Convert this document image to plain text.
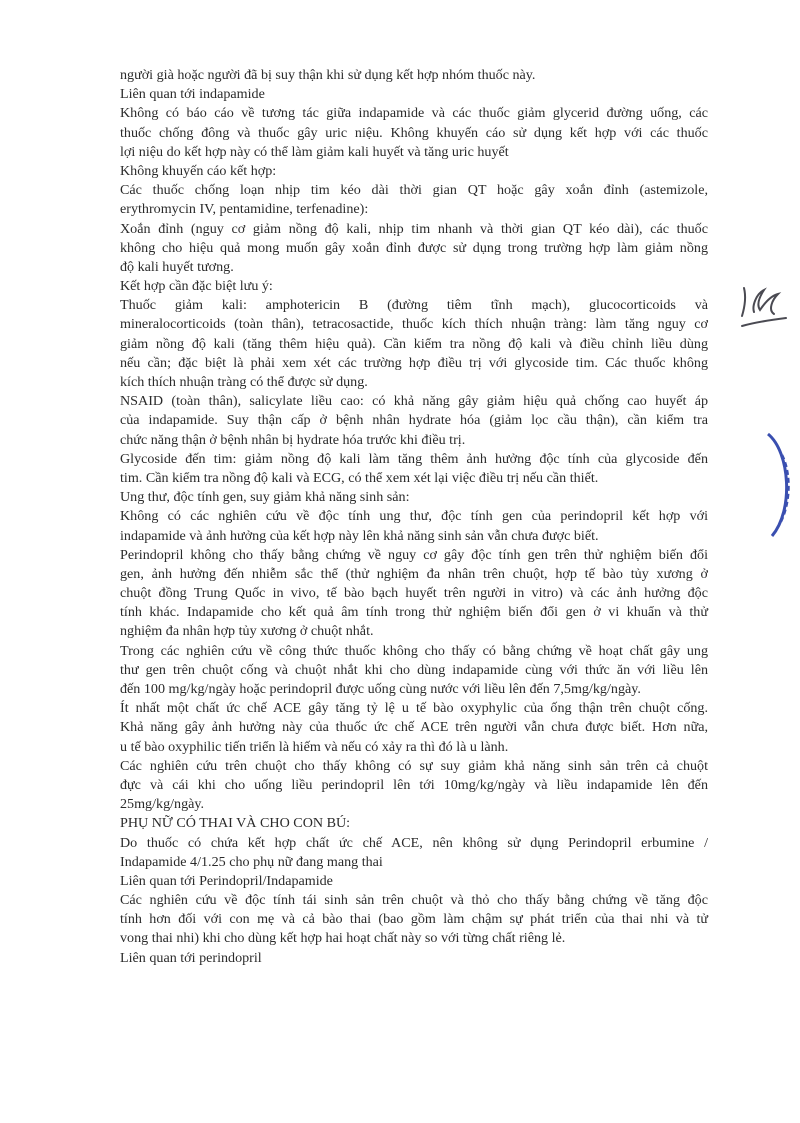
người già hoặc người đã bị suy thận khi sử dụng kết hợp nhóm thuốc này.
Liên quan tới indapamide
Không có báo cáo về tương tác giữa indapamide và các thuốc giảm glycerid đường uống, các
thuốc chống đông và thuốc gây uric niệu. Không khuyến cáo sử dụng kết hợp với các thuốc
lợi niệu do kết hợp này có thể làm giảm kali huyết và tăng uric huyết
Không khuyến cáo kết hợp:
Các thuốc chống loạn nhịp tim kéo dài thời gian QT hoặc gây xoắn đỉnh (astemizole,
erythromycin IV, pentamidine, terfenadine):
Xoắn đỉnh (nguy cơ giảm nồng độ kali, nhịp tim nhanh và thời gian QT kéo dài), các thuốc
không cho hiệu quả mong muốn gây xoắn đỉnh được sử dụng trong trường hợp làm giảm nồng
độ kali huyết tương.
Kết hợp cần đặc biệt lưu ý:
Thuốc giảm kali: amphotericin B (đường tiêm tĩnh mạch), glucocorticoids và
mineralocorticoids (toàn thân), tetracosactide, thuốc kích thích nhuận tràng: làm tăng nguy cơ
giảm nồng độ kali (tăng thêm hiệu quả). Cần kiểm tra nồng độ kali và điều chỉnh liều dùng
nếu cần; đặc biệt là phải xem xét các trường hợp điều trị với glycoside tim. Các thuốc không
kích thích nhuận tràng có thể được sử dụng.
NSAID (toàn thân), salicylate liều cao: có khả năng gây giảm hiệu quả chống cao huyết áp
của indapamide. Suy thận cấp ở bệnh nhân hydrate hóa (giảm lọc cầu thận), cần kiểm tra
chức năng thận ở bệnh nhân bị hydrate hóa trước khi điều trị.
Glycoside đến tim: giảm nồng độ kali làm tăng thêm ảnh hưởng độc tính của glycoside đến
tim. Cần kiểm tra nồng độ kali và ECG, có thể xem xét lại việc điều trị nếu cần thiết.
Ung thư, độc tính gen, suy giảm khả năng sinh sản:
Không có các nghiên cứu về độc tính ung thư, độc tính gen của perindopril kết hợp với
indapamide và ảnh hưởng của kết hợp này lên khả năng sinh sản vẫn chưa được biết.
Perindopril không cho thấy bằng chứng về nguy cơ gây độc tính gen trên thử nghiệm biến đổi
gen, ảnh hưởng đến nhiễm sắc thể (thử nghiệm đa nhân trên chuột, hợp tế bào tủy xương ở
chuột đồng Trung Quốc in vivo, tế bào bạch huyết trên người in vitro) và các ảnh hưởng độc
tính khác. Indapamide cho kết quả âm tính trong thử nghiệm biến đổi gen ở vi khuẩn và thử
nghiệm đa nhân hợp tủy xương ở chuột nhắt.
Trong các nghiên cứu về công thức thuốc không cho thấy có bằng chứng về hoạt chất gây ung
thư gen trên chuột cống và chuột nhắt khi cho dùng indapamide cùng với thức ăn với liều lên
đến 100 mg/kg/ngày hoặc perindopril được uống cùng nước với liều lên đến 7,5mg/kg/ngày.
Ít nhất một chất ức chế ACE gây tăng tỷ lệ u tế bào oxyphylic của ống thận trên chuột cống.
Khả năng gây ảnh hưởng này của thuốc ức chế ACE trên người vẫn chưa được biết. Hơn nữa,
u tế bào oxyphilic tiến triển là hiếm và nếu có xảy ra thì đó là u lành.
Các nghiên cứu trên chuột cho thấy không có sự suy giảm khả năng sinh sản trên cả chuột
đực và cái khi cho uống liều perindopril lên tới 10mg/kg/ngày và liều indapamide lên đến
25mg/kg/ngày.
PHỤ NỮ CÓ THAI VÀ CHO CON BÚ:
Do thuốc có chứa kết hợp chất ức chế ACE, nên không sử dụng Perindopril erbumine /
Indapamide 4/1.25 cho phụ nữ đang mang thai
Liên quan tới Perindopril/Indapamide
Các nghiên cứu về độc tính tái sinh sản trên chuột và thỏ cho thấy bằng chứng về tăng độc
tính hơn đối với con mẹ và cả bào thai (bao gồm làm chậm sự phát triển của thai nhi và tử
vong thai nhi) khi cho dùng kết hợp hai hoạt chất này so với từng chất riêng lẻ.
Liên quan tới perindopril
